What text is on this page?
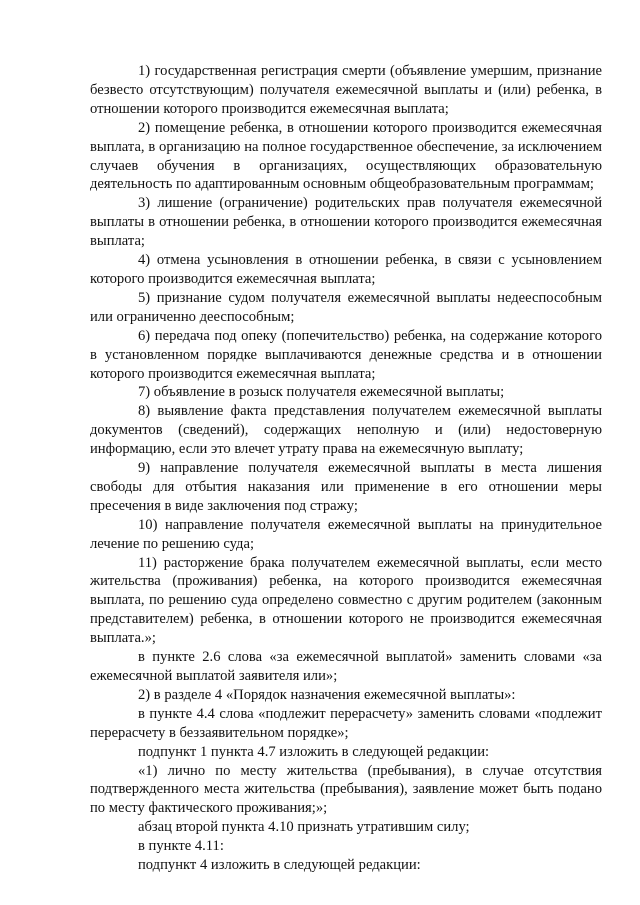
1) государственная регистрация смерти (объявление умершим, признание безвесто отсутствующим) получателя ежемесячной выплаты и (или) ребенка, в отношении которого производится ежемесячная выплата;

2) помещение ребенка, в отношении которого производится ежемесячная выплата, в организацию на полное государственное обеспечение, за исключением случаев обучения в организациях, осуществляющих образовательную деятельность по адаптированным основным общеобразовательным программам;

3) лишение (ограничение) родительских прав получателя ежемесячной выплаты в отношении ребенка, в отношении которого производится ежемесячная выплата;

4) отмена усыновления в отношении ребенка, в связи с усыновлением которого производится ежемесячная выплата;

5) признание судом получателя ежемесячной выплаты недееспособным или ограниченно дееспособным;

6) передача под опеку (попечительство) ребенка, на содержание которого в установленном порядке выплачиваются денежные средства и в отношении которого производится ежемесячная выплата;

7) объявление в розыск получателя ежемесячной выплаты;

8) выявление факта представления получателем ежемесячной выплаты документов (сведений), содержащих неполную и (или) недостоверную информацию, если это влечет утрату права на ежемесячную выплату;

9) направление получателя ежемесячной выплаты в места лишения свободы для отбытия наказания или применение в его отношении меры пресечения в виде заключения под стражу;

10) направление получателя ежемесячной выплаты на принудительное лечение по решению суда;

11) расторжение брака получателем ежемесячной выплаты, если место жительства (проживания) ребенка, на которого производится ежемесячная выплата, по решению суда определено совместно с другим родителем (законным представителем) ребенка, в отношении которого не производится ежемесячная выплата.»;

в пункте 2.6 слова «за ежемесячной выплатой» заменить словами «за ежемесячной выплатой заявителя или»;

2) в разделе 4 «Порядок назначения ежемесячной выплаты»:

в пункте 4.4 слова «подлежит перерасчету» заменить словами «подлежит перерасчету в беззаявительном порядке»;

подпункт 1 пункта 4.7 изложить в следующей редакции:

«1) лично по месту жительства (пребывания), в случае отсутствия подтвержденного места жительства (пребывания), заявление может быть подано по месту фактического проживания;»;

абзац второй пункта 4.10 признать утратившим силу;

в пункте 4.11:

подпункт 4 изложить в следующей редакции:
